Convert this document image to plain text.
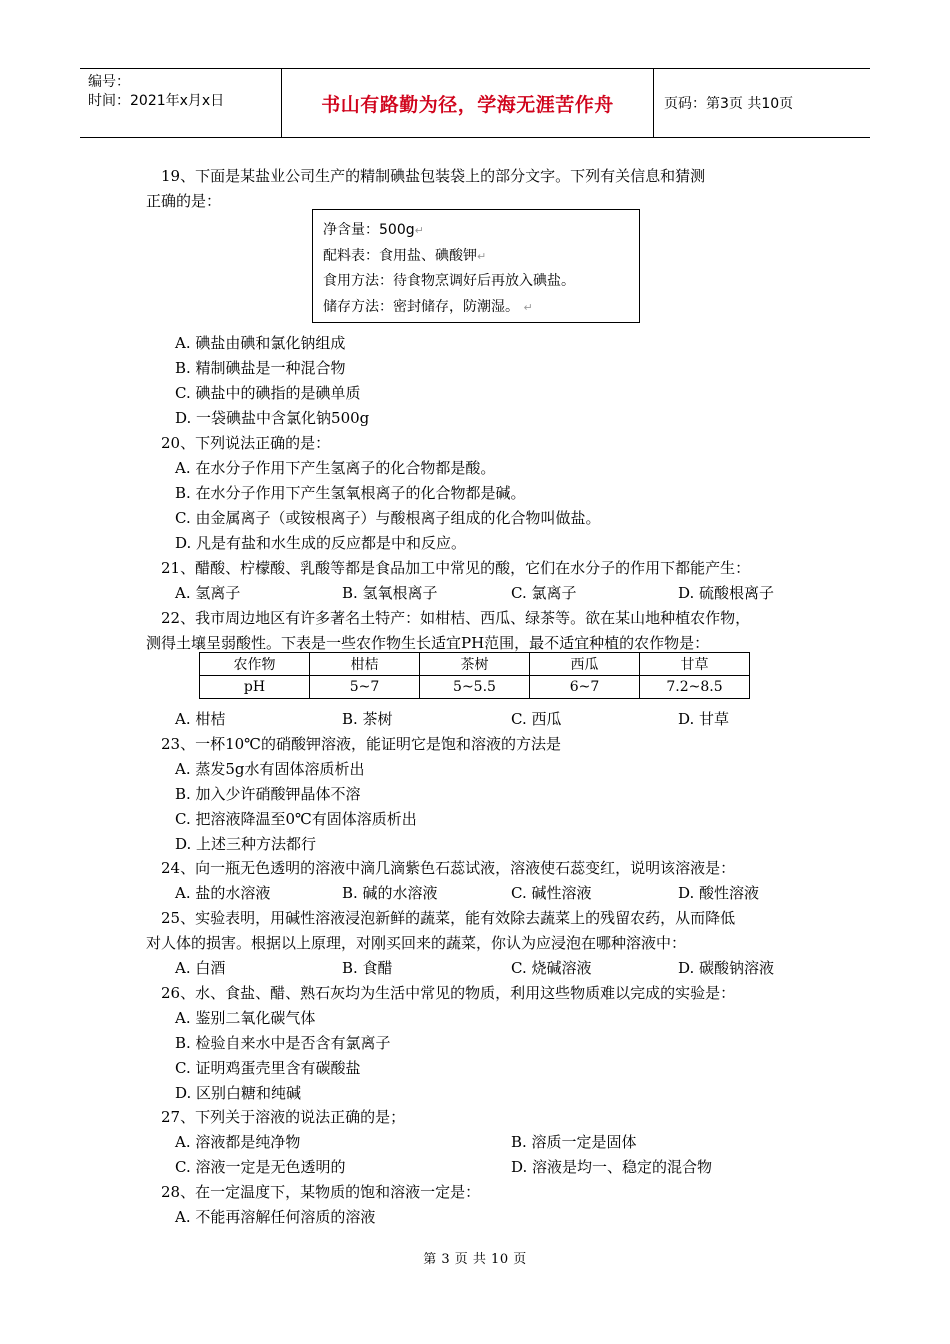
编号：
时间：2021年x月x日	书山有路勤为径，学海无涯苦作舟	页码：第3页 共10页
19、下面是某盐业公司生产的精制碘盐包装袋上的部分文字。下列有关信息和猜测
正确的是：
净含量：500g↵
配料表：食用盐、碘酸钾↵
食用方法：待食物烹调好后再放入碘盐。
储存方法：密封储存，防潮湿。 ↵
A. 碘盐由碘和氯化钠组成
B. 精制碘盐是一种混合物
C. 碘盐中的碘指的是碘单质
D. 一袋碘盐中含氯化钠500g
20、下列说法正确的是：
A. 在水分子作用下产生氢离子的化合物都是酸。
B. 在水分子作用下产生氢氧根离子的化合物都是碱。
C. 由金属离子（或铵根离子）与酸根离子组成的化合物叫做盐。
D. 凡是有盐和水生成的反应都是中和反应。
21、醋酸、柠檬酸、乳酸等都是食品加工中常见的酸，它们在水分子的作用下都能产生：
A. 氢离子	B. 氢氧根离子	C. 氯离子	D. 硫酸根离子
22、我市周边地区有许多著名土特产：如柑桔、西瓜、绿茶等。欲在某山地种植农作物，
测得土壤呈弱酸性。下表是一些农作物生长适宜PH范围，最不适宜种植的农作物是：
农作物	柑桔	茶树	西瓜	甘草
pH	5~7	5~5.5	6~7	7.2~8.5
A. 柑桔	B. 茶树	C. 西瓜	D. 甘草
23、一杯10℃的硝酸钾溶液，能证明它是饱和溶液的方法是
A. 蒸发5g水有固体溶质析出
B. 加入少许硝酸钾晶体不溶
C. 把溶液降温至0℃有固体溶质析出
D. 上述三种方法都行
24、向一瓶无色透明的溶液中滴几滴紫色石蕊试液，溶液使石蕊变红，说明该溶液是：
A. 盐的水溶液	B. 碱的水溶液	C. 碱性溶液	D. 酸性溶液
25、实验表明，用碱性溶液浸泡新鲜的蔬菜，能有效除去蔬菜上的残留农药，从而降低
对人体的损害。根据以上原理，对刚买回来的蔬菜，你认为应浸泡在哪种溶液中：
A. 白酒	B. 食醋	C. 烧碱溶液	D. 碳酸钠溶液
26、水、食盐、醋、熟石灰均为生活中常见的物质，利用这些物质难以完成的实验是：
A. 鉴别二氧化碳气体
B. 检验自来水中是否含有氯离子
C. 证明鸡蛋壳里含有碳酸盐
D. 区别白糖和纯碱
27、下列关于溶液的说法正确的是；
A. 溶液都是纯净物	B. 溶质一定是固体
C. 溶液一定是无色透明的	D. 溶液是均一、稳定的混合物
28、在一定温度下，某物质的饱和溶液一定是：
A. 不能再溶解任何溶质的溶液
第 3 页 共 10 页
